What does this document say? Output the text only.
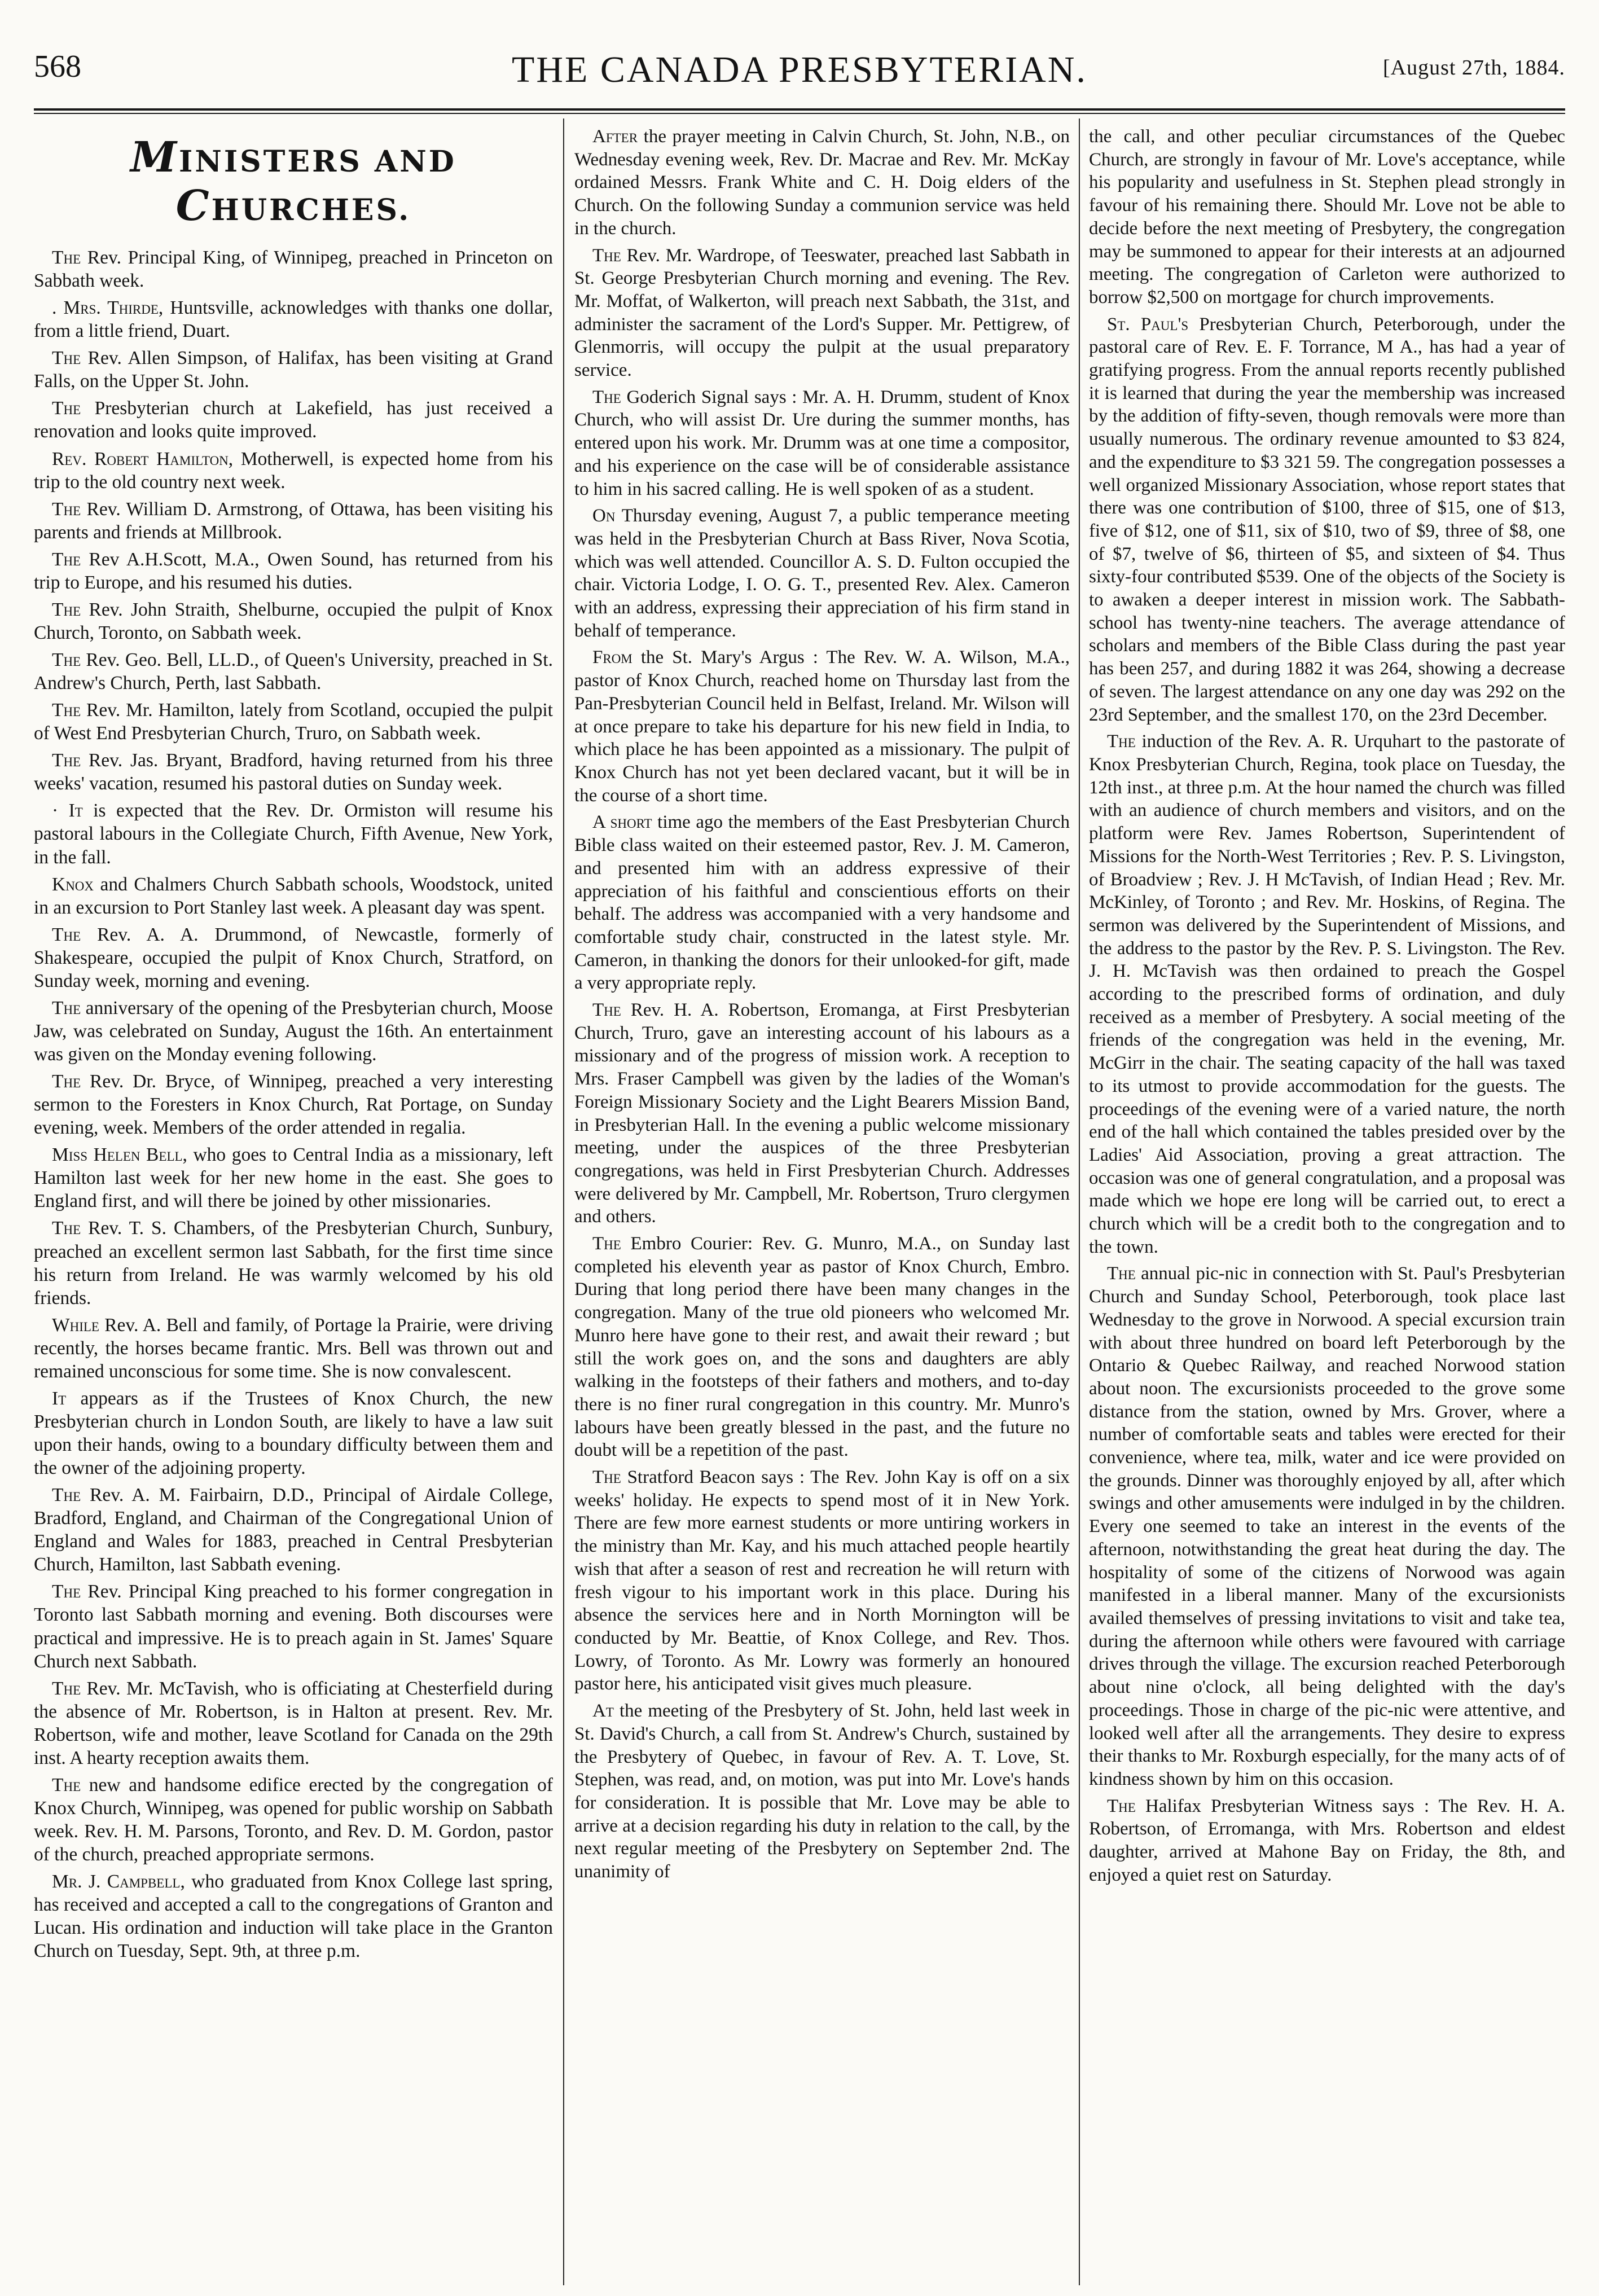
568	THE CANADA PRESBYTERIAN.	[August 27th, 1884.
MINISTERS AND CHURCHES.

The Rev. Principal King, of Winnipeg, preached in Princeton on Sabbath week.

. Mrs. Thirde, Huntsville, acknowledges with thanks one dollar, from a little friend, Duart.

The Rev. Allen Simpson, of Halifax, has been visiting at Grand Falls, on the Upper St. John.

The Presbyterian church at Lakefield, has just received a renovation and looks quite improved.

Rev. Robert Hamilton, Motherwell, is expected home from his trip to the old country next week.

The Rev. William D. Armstrong, of Ottawa, has been visiting his parents and friends at Millbrook.

The Rev A.H.Scott, M.A., Owen Sound, has returned from his trip to Europe, and his resumed his duties.

The Rev. John Straith, Shelburne, occupied the pulpit of Knox Church, Toronto, on Sabbath week.

The Rev. Geo. Bell, LL.D., of Queen's University, preached in St. Andrew's Church, Perth, last Sabbath.

The Rev. Mr. Hamilton, lately from Scotland, occupied the pulpit of West End Presbyterian Church, Truro, on Sabbath week.

The Rev. Jas. Bryant, Bradford, having returned from his three weeks' vacation, resumed his pastoral duties on Sunday week.

· It is expected that the Rev. Dr. Ormiston will resume his pastoral labours in the Collegiate Church, Fifth Avenue, New York, in the fall.

Knox and Chalmers Church Sabbath schools, Woodstock, united in an excursion to Port Stanley last week. A pleasant day was spent.

The Rev. A. A. Drummond, of Newcastle, formerly of Shakespeare, occupied the pulpit of Knox Church, Stratford, on Sunday week, morning and evening.

The anniversary of the opening of the Presbyterian church, Moose Jaw, was celebrated on Sunday, August the 16th. An entertainment was given on the Monday evening following.

The Rev. Dr. Bryce, of Winnipeg, preached a very interesting sermon to the Foresters in Knox Church, Rat Portage, on Sunday evening, week. Members of the order attended in regalia.

Miss Helen Bell, who goes to Central India as a missionary, left Hamilton last week for her new home in the east. She goes to England first, and will there be joined by other missionaries.

The Rev. T. S. Chambers, of the Presbyterian Church, Sunbury, preached an excellent sermon last Sabbath, for the first time since his return from Ireland. He was warmly welcomed by his old friends.

While Rev. A. Bell and family, of Portage la Prairie, were driving recently, the horses became frantic. Mrs. Bell was thrown out and remained unconscious for some time. She is now convalescent.

It appears as if the Trustees of Knox Church, the new Presbyterian church in London South, are likely to have a law suit upon their hands, owing to a boundary difficulty between them and the owner of the adjoining property.

The Rev. A. M. Fairbairn, D.D., Principal of Airdale College, Bradford, England, and Chairman of the Congregational Union of England and Wales for 1883, preached in Central Presbyterian Church, Hamilton, last Sabbath evening.

The Rev. Principal King preached to his former congregation in Toronto last Sabbath morning and evening. Both discourses were practical and impressive. He is to preach again in St. James' Square Church next Sabbath.

The Rev. Mr. McTavish, who is officiating at Chesterfield during the absence of Mr. Robertson, is in Halton at present. Rev. Mr. Robertson, wife and mother, leave Scotland for Canada on the 29th inst. A hearty reception awaits them.

The new and handsome edifice erected by the congregation of Knox Church, Winnipeg, was opened for public worship on Sabbath week. Rev. H. M. Parsons, Toronto, and Rev. D. M. Gordon, pastor of the church, preached appropriate sermons.

Mr. J. Campbell, who graduated from Knox College last spring, has received and accepted a call to the congregations of Granton and Lucan. His ordination and induction will take place in the Granton Church on Tuesday, Sept. 9th, at three p.m.

After the prayer meeting in Calvin Church, St. John, N.B., on Wednesday evening week, Rev. Dr. Macrae and Rev. Mr. McKay ordained Messrs. Frank White and C. H. Doig elders of the Church. On the following Sunday a communion service was held in the church.

The Rev. Mr. Wardrope, of Teeswater, preached last Sabbath in St. George Presbyterian Church morning and evening. The Rev. Mr. Moffat, of Walkerton, will preach next Sabbath, the 31st, and administer the sacrament of the Lord's Supper. Mr. Pettigrew, of Glenmorris, will occupy the pulpit at the usual preparatory service.

The Goderich Signal says : Mr. A. H. Drumm, student of Knox Church, who will assist Dr. Ure during the summer months, has entered upon his work. Mr. Drumm was at one time a compositor, and his experience on the case will be of considerable assistance to him in his sacred calling. He is well spoken of as a student.

On Thursday evening, August 7, a public temperance meeting was held in the Presbyterian Church at Bass River, Nova Scotia, which was well attended. Councillor A. S. D. Fulton occupied the chair. Victoria Lodge, I. O. G. T., presented Rev. Alex. Cameron with an address, expressing their appreciation of his firm stand in behalf of temperance.

From the St. Mary's Argus : The Rev. W. A. Wilson, M.A., pastor of Knox Church, reached home on Thursday last from the Pan-Presbyterian Council held in Belfast, Ireland. Mr. Wilson will at once prepare to take his departure for his new field in India, to which place he has been appointed as a missionary. The pulpit of Knox Church has not yet been declared vacant, but it will be in the course of a short time.

A short time ago the members of the East Presbyterian Church Bible class waited on their esteemed pastor, Rev. J. M. Cameron, and presented him with an address expressive of their appreciation of his faithful and conscientious efforts on their behalf. The address was accompanied with a very handsome and comfortable study chair, constructed in the latest style. Mr. Cameron, in thanking the donors for their unlooked-for gift, made a very appropriate reply.

The Rev. H. A. Robertson, Eromanga, at First Presbyterian Church, Truro, gave an interesting account of his labours as a missionary and of the progress of mission work. A reception to Mrs. Fraser Campbell was given by the ladies of the Woman's Foreign Missionary Society and the Light Bearers Mission Band, in Presbyterian Hall. In the evening a public welcome missionary meeting, under the auspices of the three Presbyterian congregations, was held in First Presbyterian Church. Addresses were delivered by Mr. Campbell, Mr. Robertson, Truro clergymen and others.

The Embro Courier: Rev. G. Munro, M.A., on Sunday last completed his eleventh year as pastor of Knox Church, Embro. During that long period there have been many changes in the congregation. Many of the true old pioneers who welcomed Mr. Munro here have gone to their rest, and await their reward ; but still the work goes on, and the sons and daughters are ably walking in the footsteps of their fathers and mothers, and to-day there is no finer rural congregation in this country. Mr. Munro's labours have been greatly blessed in the past, and the future no doubt will be a repetition of the past.

The Stratford Beacon says : The Rev. John Kay is off on a six weeks' holiday. He expects to spend most of it in New York. There are few more earnest students or more untiring workers in the ministry than Mr. Kay, and his much attached people heartily wish that after a season of rest and recreation he will return with fresh vigour to his important work in this place. During his absence the services here and in North Mornington will be conducted by Mr. Beattie, of Knox College, and Rev. Thos. Lowry, of Toronto. As Mr. Lowry was formerly an honoured pastor here, his anticipated visit gives much pleasure.

At the meeting of the Presbytery of St. John, held last week in St. David's Church, a call from St. Andrew's Church, sustained by the Presbytery of Quebec, in favour of Rev. A. T. Love, St. Stephen, was read, and, on motion, was put into Mr. Love's hands for consideration. It is possible that Mr. Love may be able to arrive at a decision regarding his duty in relation to the call, by the next regular meeting of the Presbytery on September 2nd. The unanimity of

the call, and other peculiar circumstances of the Quebec Church, are strongly in favour of Mr. Love's acceptance, while his popularity and usefulness in St. Stephen plead strongly in favour of his remaining there. Should Mr. Love not be able to decide before the next meeting of Presbytery, the congregation may be summoned to appear for their interests at an adjourned meeting. The congregation of Carleton were authorized to borrow $2,500 on mortgage for church improvements.

St. Paul's Presbyterian Church, Peterborough, under the pastoral care of Rev. E. F. Torrance, M A., has had a year of gratifying progress. From the annual reports recently published it is learned that during the year the membership was increased by the addition of fifty-seven, though removals were more than usually numerous. The ordinary revenue amounted to $3 824, and the expenditure to $3 321 59. The congregation possesses a well organized Missionary Association, whose report states that there was one contribution of $100, three of $15, one of $13, five of $12, one of $11, six of $10, two of $9, three of $8, one of $7, twelve of $6, thirteen of $5, and sixteen of $4. Thus sixty-four contributed $539. One of the objects of the Society is to awaken a deeper interest in mission work. The Sabbath-school has twenty-nine teachers. The average attendance of scholars and members of the Bible Class during the past year has been 257, and during 1882 it was 264, showing a decrease of seven. The largest attendance on any one day was 292 on the 23rd September, and the smallest 170, on the 23rd December.

The induction of the Rev. A. R. Urquhart to the pastorate of Knox Presbyterian Church, Regina, took place on Tuesday, the 12th inst., at three p.m. At the hour named the church was filled with an audience of church members and visitors, and on the platform were Rev. James Robertson, Superintendent of Missions for the North-West Territories ; Rev. P. S. Livingston, of Broadview ; Rev. J. H McTavish, of Indian Head ; Rev. Mr. McKinley, of Toronto ; and Rev. Mr. Hoskins, of Regina. The sermon was delivered by the Superintendent of Missions, and the address to the pastor by the Rev. P. S. Livingston. The Rev. J. H. McTavish was then ordained to preach the Gospel according to the prescribed forms of ordination, and duly received as a member of Presbytery. A social meeting of the friends of the congregation was held in the evening, Mr. McGirr in the chair. The seating capacity of the hall was taxed to its utmost to provide accommodation for the guests. The proceedings of the evening were of a varied nature, the north end of the hall which contained the tables presided over by the Ladies' Aid Association, proving a great attraction. The occasion was one of general congratulation, and a proposal was made which we hope ere long will be carried out, to erect a church which will be a credit both to the congregation and to the town.

The annual pic-nic in connection with St. Paul's Presbyterian Church and Sunday School, Peterborough, took place last Wednesday to the grove in Norwood. A special excursion train with about three hundred on board left Peterborough by the Ontario & Quebec Railway, and reached Norwood station about noon. The excursionists proceeded to the grove some distance from the station, owned by Mrs. Grover, where a number of comfortable seats and tables were erected for their convenience, where tea, milk, water and ice were provided on the grounds. Dinner was thoroughly enjoyed by all, after which swings and other amusements were indulged in by the children. Every one seemed to take an interest in the events of the afternoon, notwithstanding the great heat during the day. The hospitality of some of the citizens of Norwood was again manifested in a liberal manner. Many of the excursionists availed themselves of pressing invitations to visit and take tea, during the afternoon while others were favoured with carriage drives through the village. The excursion reached Peterborough about nine o'clock, all being delighted with the day's proceedings. Those in charge of the pic-nic were attentive, and looked well after all the arrangements. They desire to express their thanks to Mr. Roxburgh especially, for the many acts of of kindness shown by him on this occasion.

The Halifax Presbyterian Witness says : The Rev. H. A. Robertson, of Erromanga, with Mrs. Robertson and eldest daughter, arrived at Mahone Bay on Friday, the 8th, and enjoyed a quiet rest on Saturday.
